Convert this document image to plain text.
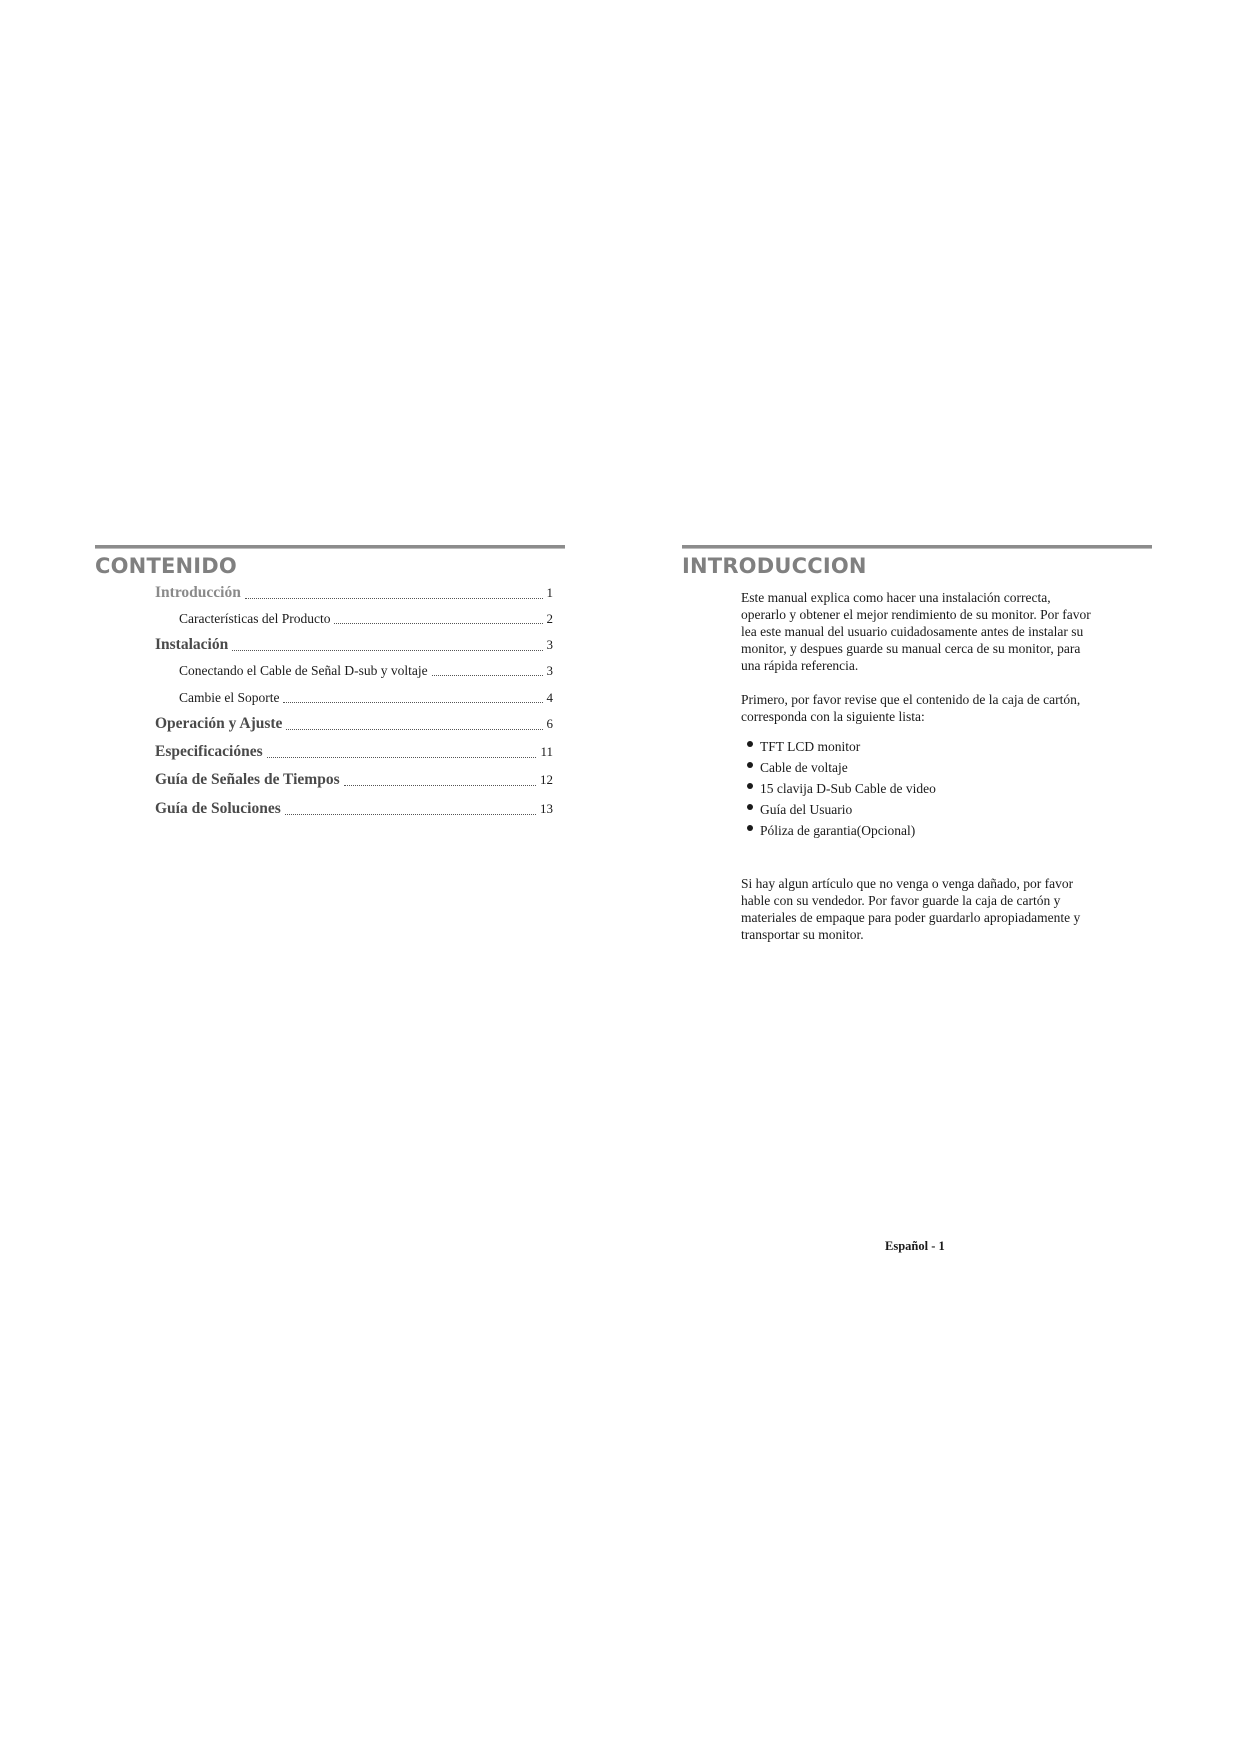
CONTENIDO
Introducción	1
Características del Producto	2
Instalación	3
Conectando el Cable de Señal D-sub y voltaje	3
Cambie el Soporte	4
Operación y Ajuste	6
Especificaciónes	11
Guía de Señales de Tiempos	12
Guía de Soluciones	13
INTRODUCCION

Este manual explica como hacer una instalación correcta,
operarlo y obtener el mejor rendimiento de su monitor. Por favor
lea este manual del usuario cuidadosamente antes de instalar su
monitor, y despues guarde su manual cerca de su monitor, para
una rápida referencia.

Primero, por favor revise que el contenido de la caja de cartón,
corresponda con la siguiente lista:

TFT LCD monitor
Cable de voltaje
15 clavija D-Sub Cable de video
Guía del Usuario
Póliza de garantia(Opcional)

Si hay algun artículo que no venga o venga dañado, por favor
hable con su vendedor. Por favor guarde la caja de cartón y
materiales de empaque para poder guardarlo apropiadamente y
transportar su monitor.

Español - 1
